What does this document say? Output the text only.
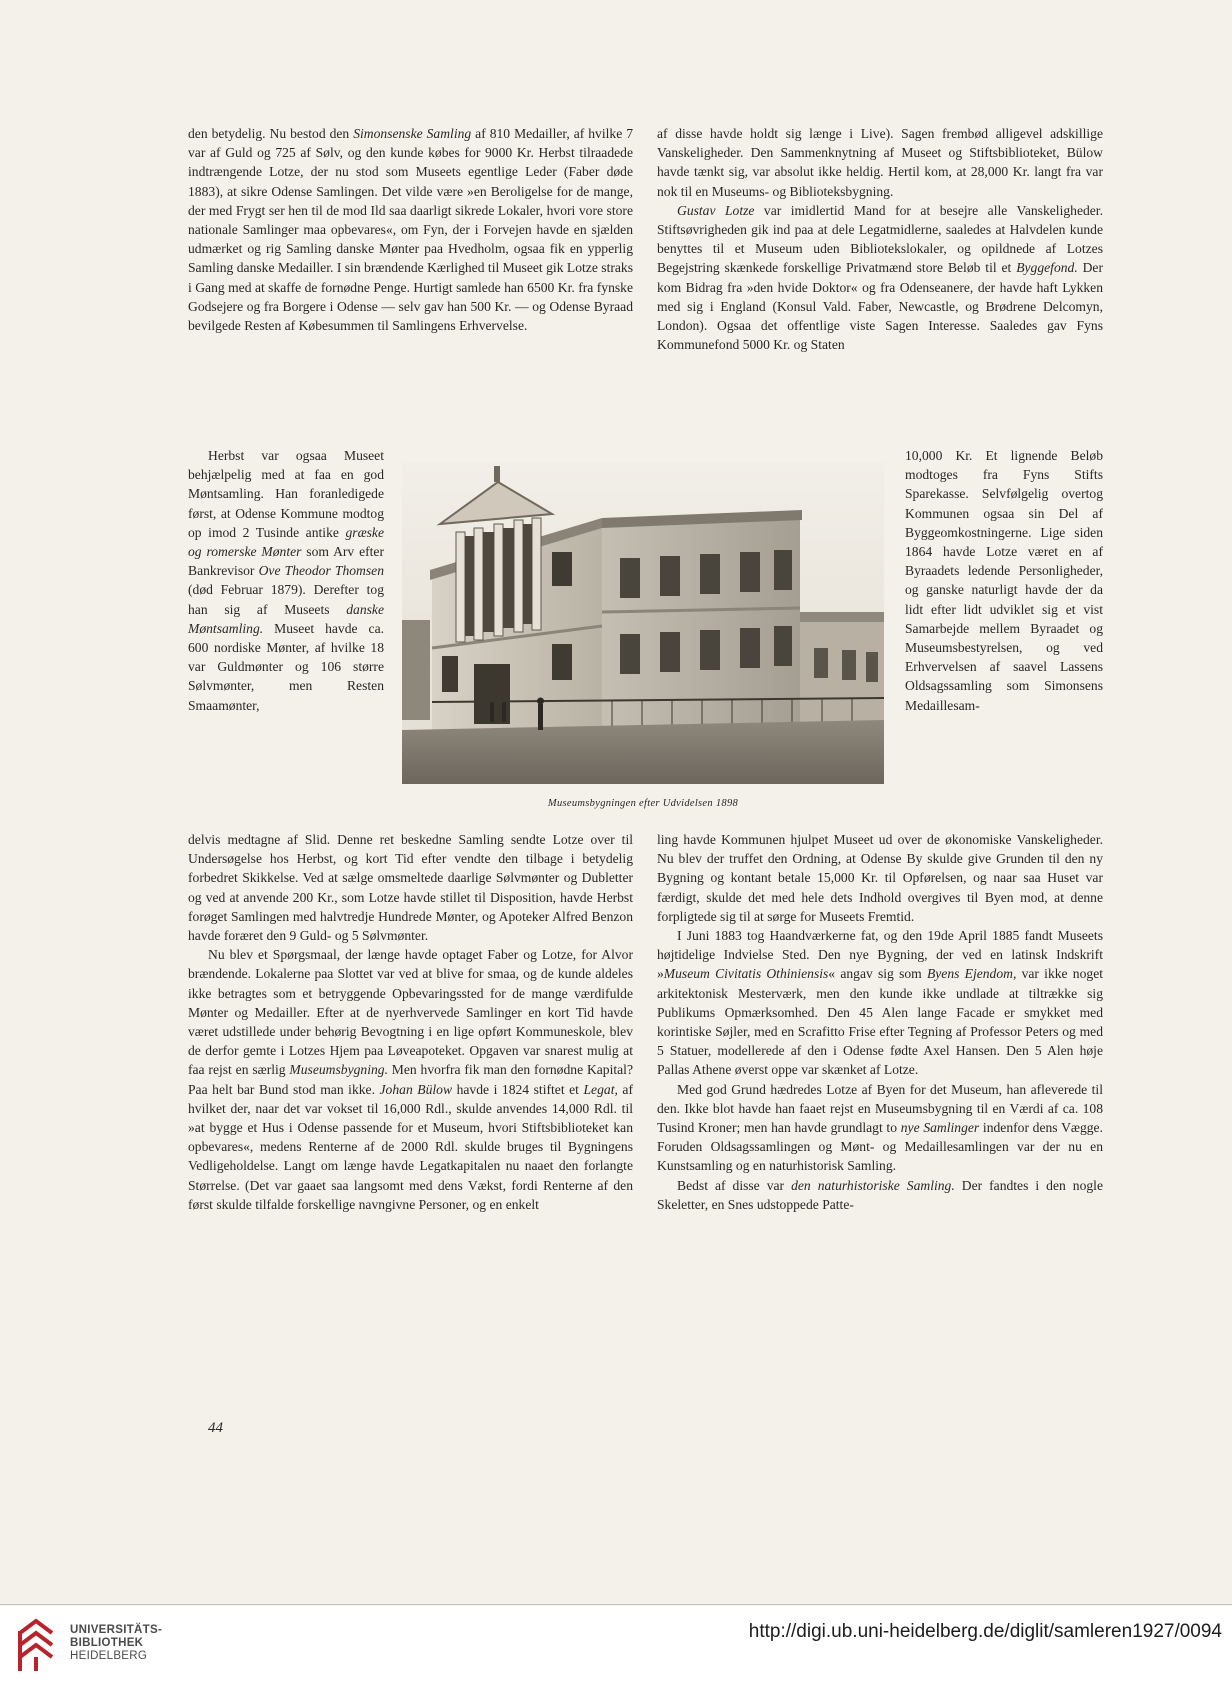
den betydelig. Nu bestod den Simonsenske Samling af 810 Medailler, af hvilke 7 var af Guld og 725 af Sølv, og den kunde købes for 9000 Kr. Herbst tilraadede indtrængende Lotze, der nu stod som Museets egentlige Leder (Faber døde 1883), at sikre Odense Samlingen. Det vilde være »en Beroligelse for de mange, der med Frygt ser hen til de mod Ild saa daarligt sikrede Lokaler, hvori vore store nationale Samlinger maa opbevares«, om Fyn, der i Forvejen havde en sjælden udmærket og rig Samling danske Mønter paa Hvedholm, ogsaa fik en ypperlig Samling danske Medailler. I sin brændende Kærlighed til Museet gik Lotze straks i Gang med at skaffe de fornødne Penge. Hurtigt samlede han 6500 Kr. fra fynske Godsejere og fra Borgere i Odense — selv gav han 500 Kr. — og Odense Byraad bevilgede Resten af Købesummen til Samlingens Erhvervelse.

af disse havde holdt sig længe i Live). Sagen frembød alligevel adskillige Vanskeligheder. Den Sammenknytning af Museet og Stiftsbiblioteket, Bülow havde tænkt sig, var absolut ikke heldig. Hertil kom, at 28,000 Kr. langt fra var nok til en Museums- og Biblioteksbygning.

Gustav Lotze var imidlertid Mand for at besejre alle Vanskeligheder. Stiftsøvrigheden gik ind paa at dele Legatmidlerne, saaledes at Halvdelen kunde benyttes til et Museum uden Bibliotekslokaler, og opildnede af Lotzes Begejstring skænkede forskellige Privatmænd store Beløb til et Byggefond. Der kom Bidrag fra »den hvide Doktor« og fra Odenseanere, der havde haft Lykken med sig i England (Konsul Vald. Faber, Newcastle, og Brødrene Delcomyn, London). Ogsaa det offentlige viste Sagen Interesse. Saaledes gav Fyns Kommunefond 5000 Kr. og Staten

Herbst var ogsaa Museet behjælpelig med at faa en god Møntsamling. Han foranledigede først, at Odense Kommune modtog op imod 2 Tusinde antike græske og romerske Mønter som Arv efter Bankrevisor Ove Theodor Thomsen (død Februar 1879). Derefter tog han sig af Museets danske Møntsamling. Museet havde ca. 600 nordiske Mønter, af hvilke 18 var Guldmønter og 106 større Sølvmønter, men Resten Smaamønter,

10,000 Kr. Et lignende Beløb modtoges fra Fyns Stifts Sparekasse. Selvfølgelig overtog Kommunen ogsaa sin Del af Byggeomkostningerne. Lige siden 1864 havde Lotze været en af Byraadets ledende Personligheder, og ganske naturligt havde der da lidt efter lidt udviklet sig et vist Samarbejde mellem Byraadet og Museumsbestyrelsen, og ved Erhvervelsen af saavel Lassens Oldsagssamling som Simonsens Medaillesam-

Museumsbygningen efter Udvidelsen 1898

delvis medtagne af Slid. Denne ret beskedne Samling sendte Lotze over til Undersøgelse hos Herbst, og kort Tid efter vendte den tilbage i betydelig forbedret Skikkelse. Ved at sælge omsmeltede daarlige Sølvmønter og Dubletter og ved at anvende 200 Kr., som Lotze havde stillet til Disposition, havde Herbst forøget Samlingen med halvtredje Hundrede Mønter, og Apoteker Alfred Benzon havde foræret den 9 Guld- og 5 Sølvmønter.

Nu blev et Spørgsmaal, der længe havde optaget Faber og Lotze, for Alvor brændende. Lokalerne paa Slottet var ved at blive for smaa, og de kunde aldeles ikke betragtes som et betryggende Opbevaringssted for de mange værdifulde Mønter og Medailler. Efter at de nyerhvervede Samlinger en kort Tid havde været udstillede under behørig Bevogtning i en lige opført Kommuneskole, blev de derfor gemte i Lotzes Hjem paa Løveapoteket. Opgaven var snarest mulig at faa rejst en særlig Museumsbygning. Men hvorfra fik man den fornødne Kapital? Paa helt bar Bund stod man ikke. Johan Bülow havde i 1824 stiftet et Legat, af hvilket der, naar det var vokset til 16,000 Rdl., skulde anvendes 14,000 Rdl. til »at bygge et Hus i Odense passende for et Museum, hvori Stiftsbiblioteket kan opbevares«, medens Renterne af de 2000 Rdl. skulde bruges til Bygningens Vedligeholdelse. Langt om længe havde Legatkapitalen nu naaet den forlangte Størrelse. (Det var gaaet saa langsomt med dens Vækst, fordi Renterne af den først skulde tilfalde forskellige navngivne Personer, og en enkelt

ling havde Kommunen hjulpet Museet ud over de økonomiske Vanskeligheder. Nu blev der truffet den Ordning, at Odense By skulde give Grunden til den ny Bygning og kontant betale 15,000 Kr. til Opførelsen, og naar saa Huset var færdigt, skulde det med hele dets Indhold overgives til Byen mod, at denne forpligtede sig til at sørge for Museets Fremtid.

I Juni 1883 tog Haandværkerne fat, og den 19de April 1885 fandt Museets højtidelige Indvielse Sted. Den nye Bygning, der ved en latinsk Indskrift »Museum Civitatis Othiniensis« angav sig som Byens Ejendom, var ikke noget arkitektonisk Mesterværk, men den kunde ikke undlade at tiltrække sig Publikums Opmærksomhed. Den 45 Alen lange Facade er smykket med korintiske Søjler, med en Scrafitto Frise efter Tegning af Professor Peters og med 5 Statuer, modellerede af den i Odense fødte Axel Hansen. Den 5 Alen høje Pallas Athene øverst oppe var skænket af Lotze.

Med god Grund hædredes Lotze af Byen for det Museum, han afleverede til den. Ikke blot havde han faaet rejst en Museumsbygning til en Værdi af ca. 108 Tusind Kroner; men han havde grundlagt to nye Samlinger indenfor dens Vægge. Foruden Oldsagssamlingen og Mønt- og Medaillesamlingen var der nu en Kunstsamling og en naturhistorisk Samling.

Bedst af disse var den naturhistoriske Samling. Der fandtes i den nogle Skeletter, en Snes udstoppede Patte-

44
UNIVERSITÄTS-
BIBLIOTHEK
HEIDELBERG
http://digi.ub.uni-heidelberg.de/diglit/samleren1927/0094
